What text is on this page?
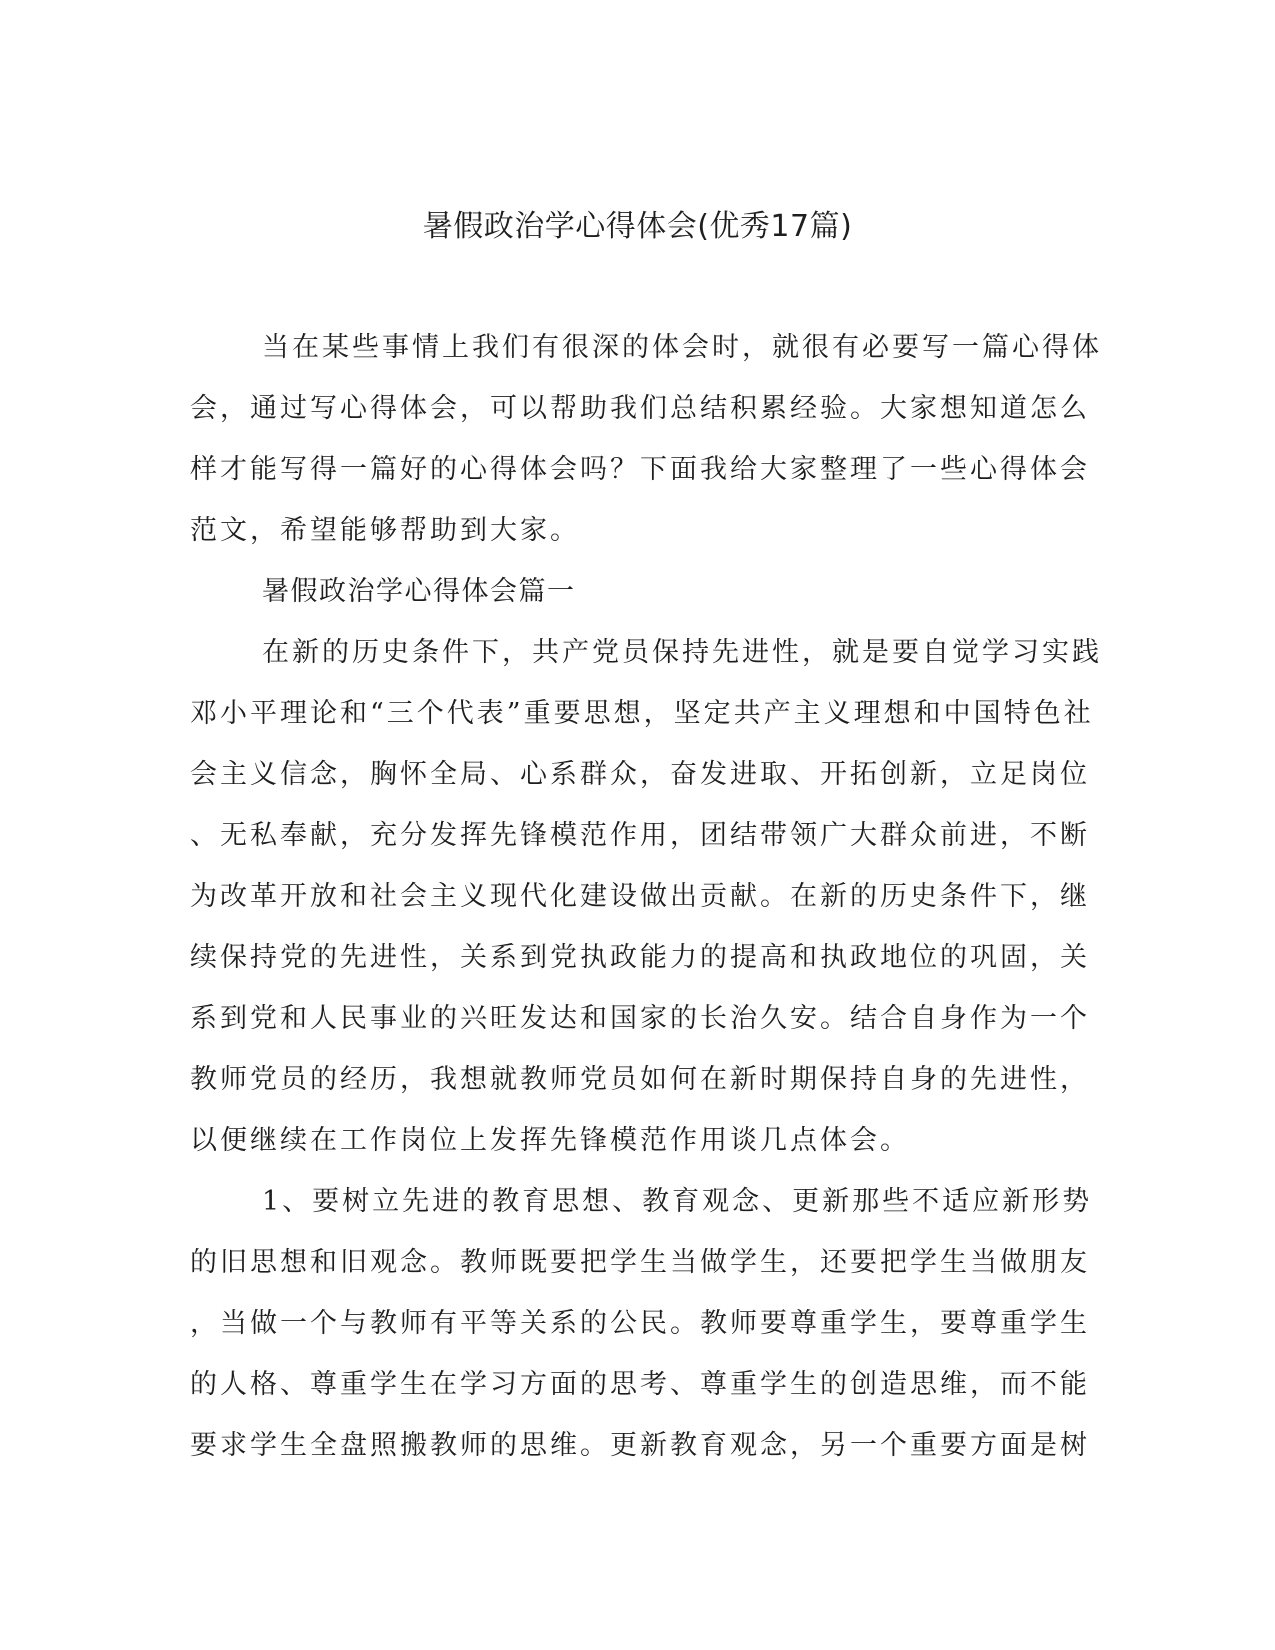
暑假政治学心得体会(优秀17篇)
当在某些事情上我们有很深的体会时，就很有必要写一篇心得体
会，通过写心得体会，可以帮助我们总结积累经验。大家想知道怎么
样才能写得一篇好的心得体会吗？下面我给大家整理了一些心得体会
范文，希望能够帮助到大家。
暑假政治学心得体会篇一
在新的历史条件下，共产党员保持先进性，就是要自觉学习实践
邓小平理论和“三个代表”重要思想，坚定共产主义理想和中国特色社
会主义信念，胸怀全局、心系群众，奋发进取、开拓创新，立足岗位
、无私奉献，充分发挥先锋模范作用，团结带领广大群众前进，不断
为改革开放和社会主义现代化建设做出贡献。在新的历史条件下，继
续保持党的先进性，关系到党执政能力的提高和执政地位的巩固，关
系到党和人民事业的兴旺发达和国家的长治久安。结合自身作为一个
教师党员的经历，我想就教师党员如何在新时期保持自身的先进性，
以便继续在工作岗位上发挥先锋模范作用谈几点体会。
1、要树立先进的教育思想、教育观念、更新那些不适应新形势
的旧思想和旧观念。教师既要把学生当做学生，还要把学生当做朋友
，当做一个与教师有平等关系的公民。教师要尊重学生，要尊重学生
的人格、尊重学生在学习方面的思考、尊重学生的创造思维，而不能
要求学生全盘照搬教师的思维。更新教育观念，另一个重要方面是树
